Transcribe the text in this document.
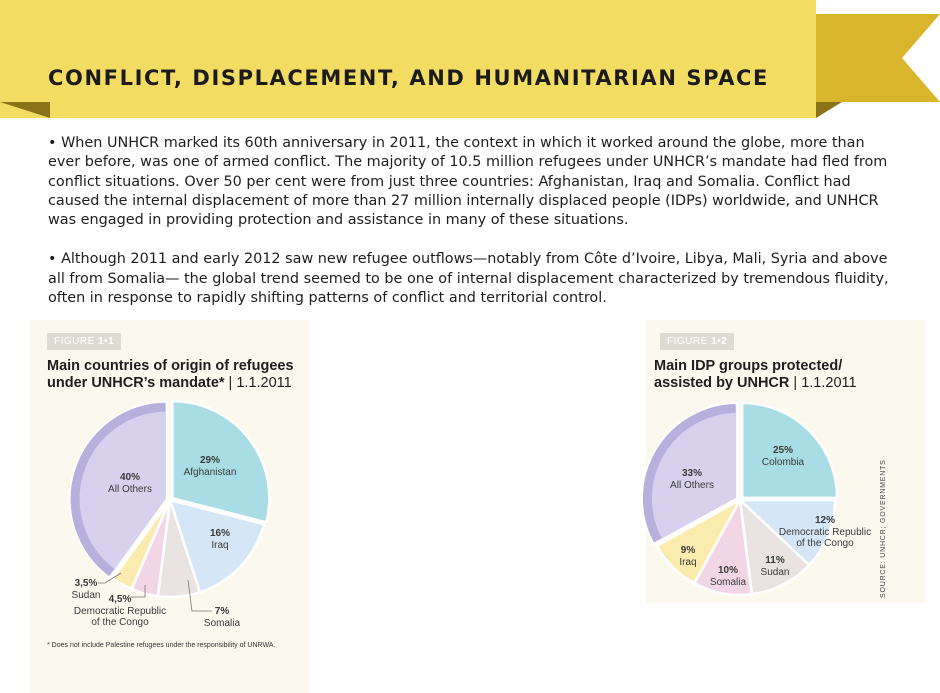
CONFLICT, DISPLACEMENT, AND HUMANITARIAN SPACE

• When UNHCR marked its 60th anniversary in 2011, the context in which it worked around the globe, more than ever before, was one of armed conflict. The majority of 10.5 million refugees under UNHCR’s mandate had fled from conflict situations. Over 50 per cent were from just three countries: Afghanistan, Iraq and Somalia. Conflict had caused the internal displacement of more than 27 million internally displaced people (IDPs) worldwide, and UNHCR was engaged in providing protection and assistance in many of these situations.

• Although 2011 and early 2012 saw new refugee outflows—notably from Côte d’Ivoire, Libya, Mali, Syria and above all from Somalia— the global trend seemed to be one of internal displacement characterized by tremendous fluidity, often in response to rapidly shifting patterns of conflict and territorial control.

FIGURE 1•1
Main countries of origin of refugees
under UNHCR’s mandate* | 1.1.2011
29%
Afghanistan
16%
Iraq
7%
Somalia
4,5%
Democratic Republic
of the Congo
3,5%
Sudan
40%
All Others
* Does not include Palestine refugees under the responsibility of UNRWA.
FIGURE 1•2
Main IDP groups protected/
assisted by UNHCR | 1.1.2011
25%
Colombia
12%
Democratic Republic
of the Congo
11%
Sudan
10%
Somalia
9%
Iraq
33%
All Others	SOURCE: UNHCR; GOVERNMENTS
